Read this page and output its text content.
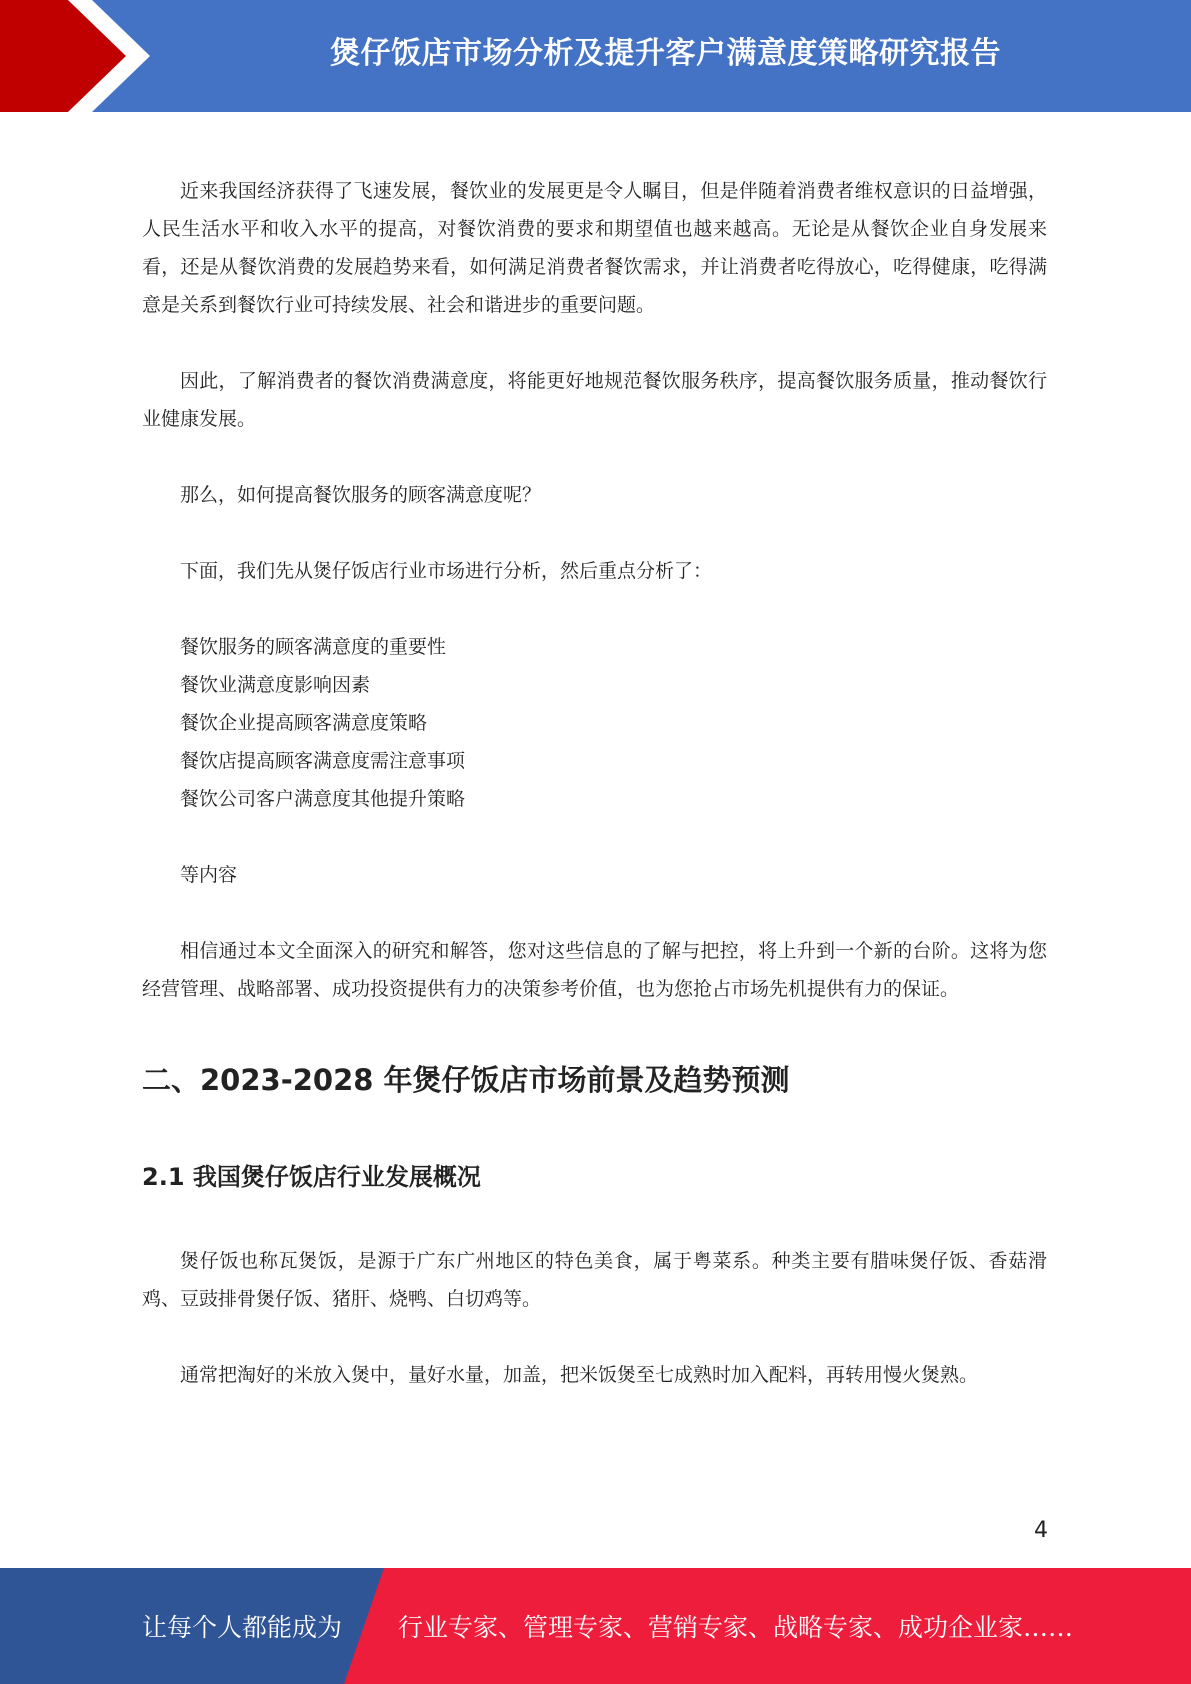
煲仔饭店市场分析及提升客户满意度策略研究报告

近来我国经济获得了飞速发展，餐饮业的发展更是令人瞩目，但是伴随着消费者维权意识的日益增强，人民生活水平和收入水平的提高，对餐饮消费的要求和期望值也越来越高。无论是从餐饮企业自身发展来看，还是从餐饮消费的发展趋势来看，如何满足消费者餐饮需求，并让消费者吃得放心，吃得健康，吃得满意是关系到餐饮行业可持续发展、社会和谐进步的重要问题。

因此，了解消费者的餐饮消费满意度，将能更好地规范餐饮服务秩序，提高餐饮服务质量，推动餐饮行业健康发展。

那么，如何提高餐饮服务的顾客满意度呢？

下面，我们先从煲仔饭店行业市场进行分析，然后重点分析了：

餐饮服务的顾客满意度的重要性
餐饮业满意度影响因素
餐饮企业提高顾客满意度策略
餐饮店提高顾客满意度需注意事项
餐饮公司客户满意度其他提升策略

等内容

相信通过本文全面深入的研究和解答，您对这些信息的了解与把控，将上升到一个新的台阶。这将为您经营管理、战略部署、成功投资提供有力的决策参考价值，也为您抢占市场先机提供有力的保证。

二、2023-2028 年煲仔饭店市场前景及趋势预测
2.1 我国煲仔饭店行业发展概况

煲仔饭也称瓦煲饭，是源于广东广州地区的特色美食，属于粤菜系。种类主要有腊味煲仔饭、香菇滑鸡、豆豉排骨煲仔饭、猪肝、烧鸭、白切鸡等。

通常把淘好的米放入煲中，量好水量，加盖，把米饭煲至七成熟时加入配料，再转用慢火煲熟。

4
让每个人都能成为 行业专家、管理专家、营销专家、战略专家、成功企业家……
